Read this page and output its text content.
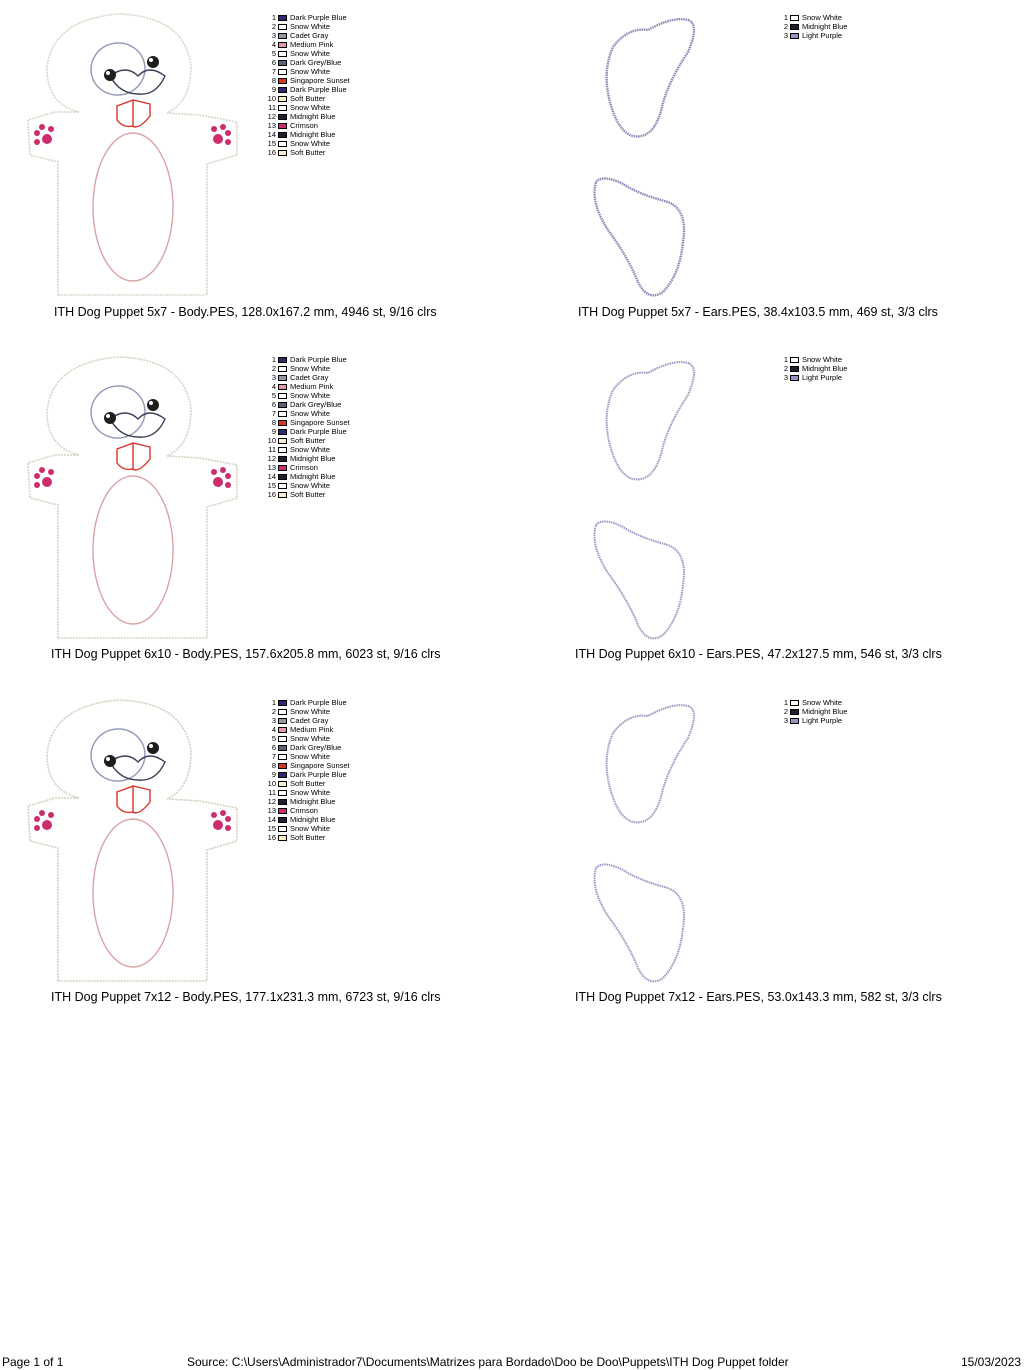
1 Dark Purple Blue
2 Snow White
3 Cadet Gray
4 Medium Pink
5 Snow White
6 Dark Grey/Blue
7 Snow White
8 Singapore Sunset
9 Dark Purple Blue
10 Soft Butter
11 Snow White
12 Midnight Blue
13 Crimson
14 Midnight Blue
15 Snow White
16 Soft Butter
1 Snow White
2 Midnight Blue
3 Light Purple
ITH Dog Puppet 5x7 - Body.PES, 128.0x167.2 mm, 4946 st, 9/16 clrs	ITH Dog Puppet 5x7 - Ears.PES, 38.4x103.5 mm, 469 st, 3/3 clrs
1 Dark Purple Blue
2 Snow White
3 Cadet Gray
4 Medium Pink
5 Snow White
6 Dark Grey/Blue
7 Snow White
8 Singapore Sunset
9 Dark Purple Blue
10 Soft Butter
11 Snow White
12 Midnight Blue
13 Crimson
14 Midnight Blue
15 Snow White
16 Soft Butter
1 Snow White
2 Midnight Blue
3 Light Purple
ITH Dog Puppet 6x10 - Body.PES, 157.6x205.8 mm, 6023 st, 9/16 clrs	ITH Dog Puppet 6x10 - Ears.PES, 47.2x127.5 mm, 546 st, 3/3 clrs
1 Dark Purple Blue
2 Snow White
3 Cadet Gray
4 Medium Pink
5 Snow White
6 Dark Grey/Blue
7 Snow White
8 Singapore Sunset
9 Dark Purple Blue
10 Soft Butter
11 Snow White
12 Midnight Blue
13 Crimson
14 Midnight Blue
15 Snow White
16 Soft Butter
1 Snow White
2 Midnight Blue
3 Light Purple
ITH Dog Puppet 7x12 - Body.PES, 177.1x231.3 mm, 6723 st, 9/16 clrs	ITH Dog Puppet 7x12 - Ears.PES, 53.0x143.3 mm, 582 st, 3/3 clrs
Page 1 of 1	Source: C:\Users\Administrador7\Documents\Matrizes para Bordado\Doo be Doo\Puppets\ITH Dog Puppet folder	15/03/2023
